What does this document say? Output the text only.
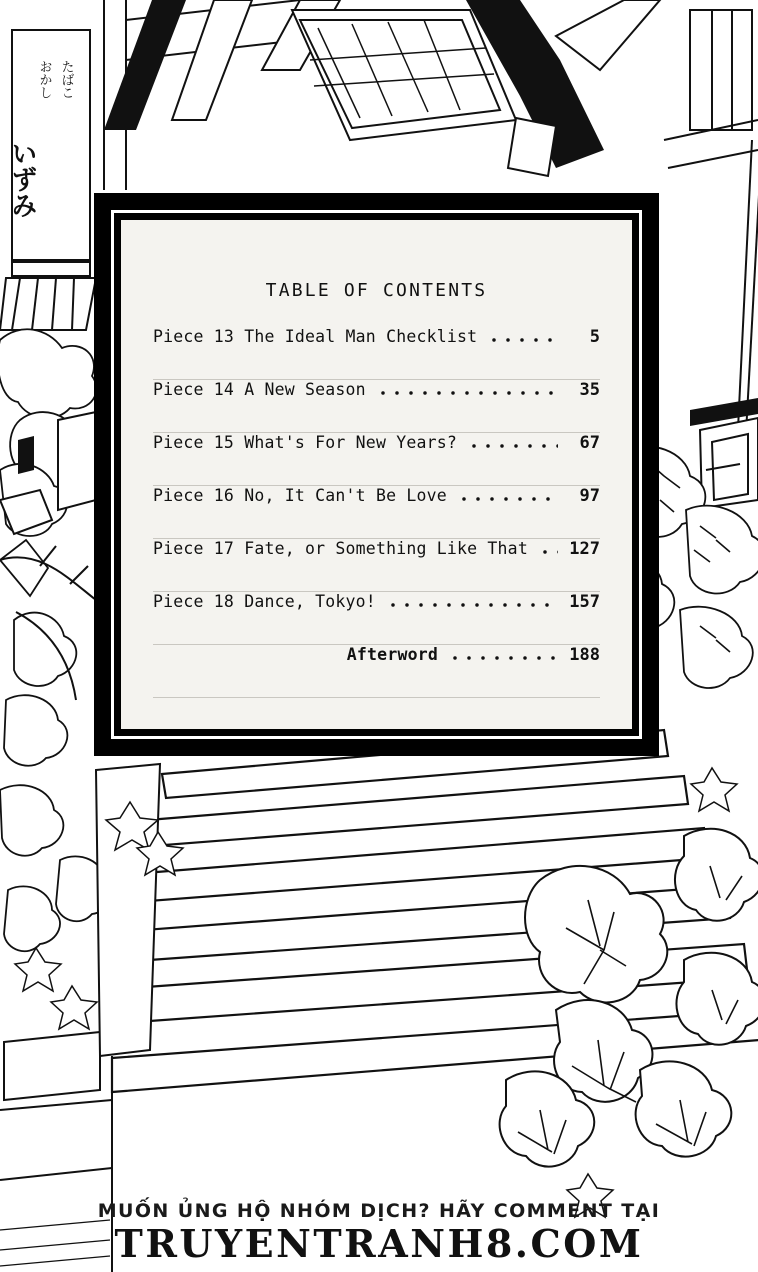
たばこ
おかし
いずみ
TABLE OF CONTENTS
Piece 13 The Ideal Man Checklist	5
Piece 14 A New Season	35
Piece 15 What's For New Years?	67
Piece 16 No, It Can't Be Love	97
Piece 17 Fate, or Something Like That 127
Piece 18 Dance, Tokyo!	157
Afterword	188
MUỐN ỦNG HỘ NHÓM DỊCH? HÃY COMMENT TẠI
TRUYENTRANH8.COM
